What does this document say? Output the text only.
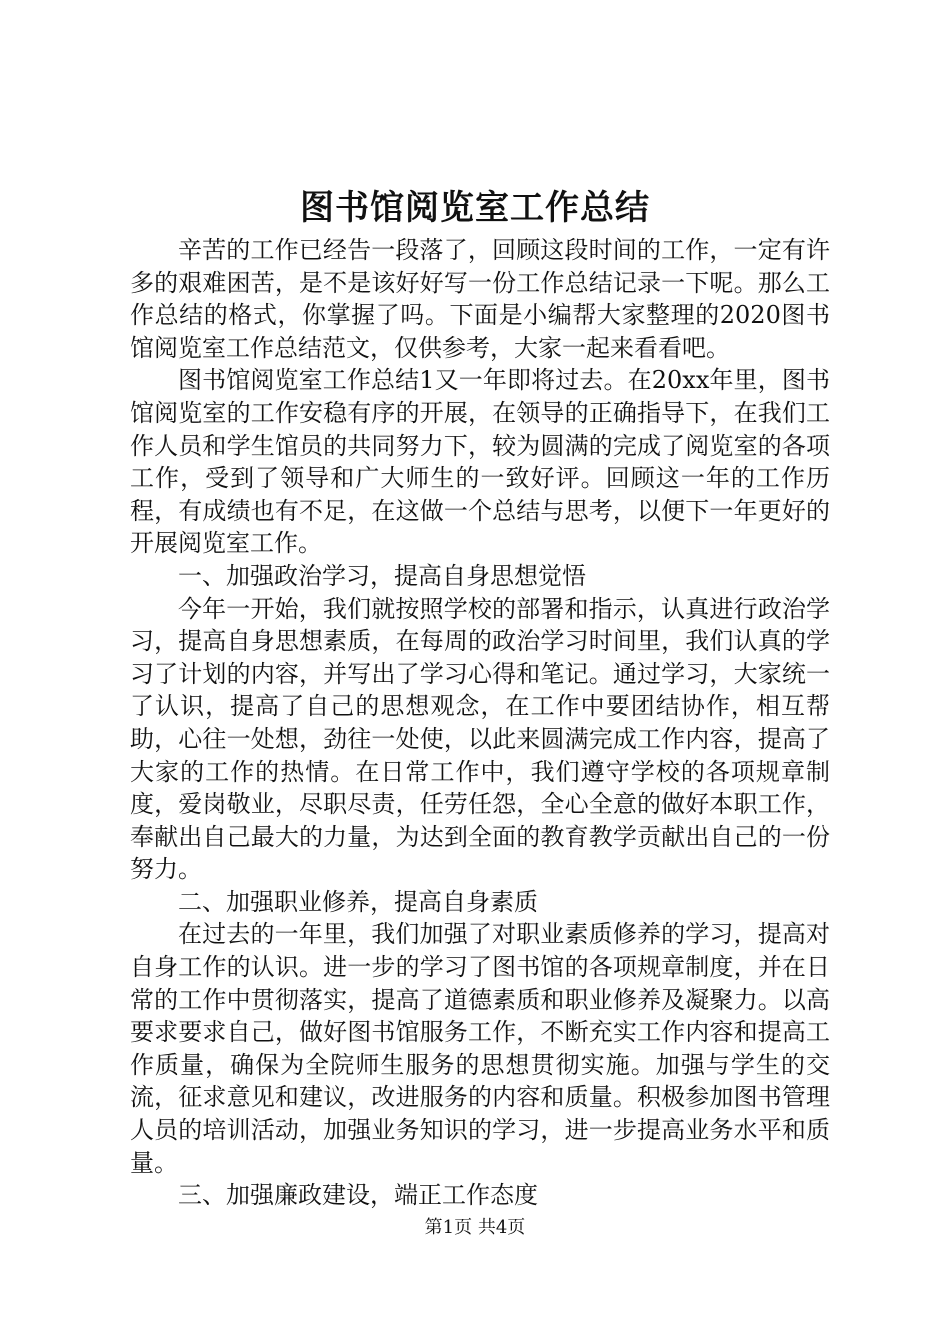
图书馆阅览室工作总结

辛苦的工作已经告一段落了，回顾这段时间的工作，一定有许多的艰难困苦，是不是该好好写一份工作总结记录一下呢。那么工作总结的格式，你掌握了吗。下面是小编帮大家整理的2020图书馆阅览室工作总结范文，仅供参考，大家一起来看看吧。

图书馆阅览室工作总结1又一年即将过去。在20xx年里，图书馆阅览室的工作安稳有序的开展，在领导的正确指导下，在我们工作人员和学生馆员的共同努力下，较为圆满的完成了阅览室的各项工作，受到了领导和广大师生的一致好评。回顾这一年的工作历程，有成绩也有不足，在这做一个总结与思考，以便下一年更好的开展阅览室工作。

一、加强政治学习，提高自身思想觉悟

今年一开始，我们就按照学校的部署和指示，认真进行政治学习，提高自身思想素质，在每周的政治学习时间里，我们认真的学习了计划的内容，并写出了学习心得和笔记。通过学习，大家统一了认识，提高了自己的思想观念，在工作中要团结协作，相互帮助，心往一处想，劲往一处使，以此来圆满完成工作内容，提高了大家的工作的热情。在日常工作中，我们遵守学校的各项规章制度，爱岗敬业，尽职尽责，任劳任怨，全心全意的做好本职工作，奉献出自己最大的力量，为达到全面的教育教学贡献出自己的一份努力。

二、加强职业修养，提高自身素质

在过去的一年里，我们加强了对职业素质修养的学习，提高对自身工作的认识。进一步的学习了图书馆的各项规章制度，并在日常的工作中贯彻落实，提高了道德素质和职业修养及凝聚力。以高要求要求自己，做好图书馆服务工作，不断充实工作内容和提高工作质量，确保为全院师生服务的思想贯彻实施。加强与学生的交流，征求意见和建议，改进服务的内容和质量。积极参加图书管理人员的培训活动，加强业务知识的学习，进一步提高业务水平和质量。

三、加强廉政建设，端正工作态度

第1页 共4页
